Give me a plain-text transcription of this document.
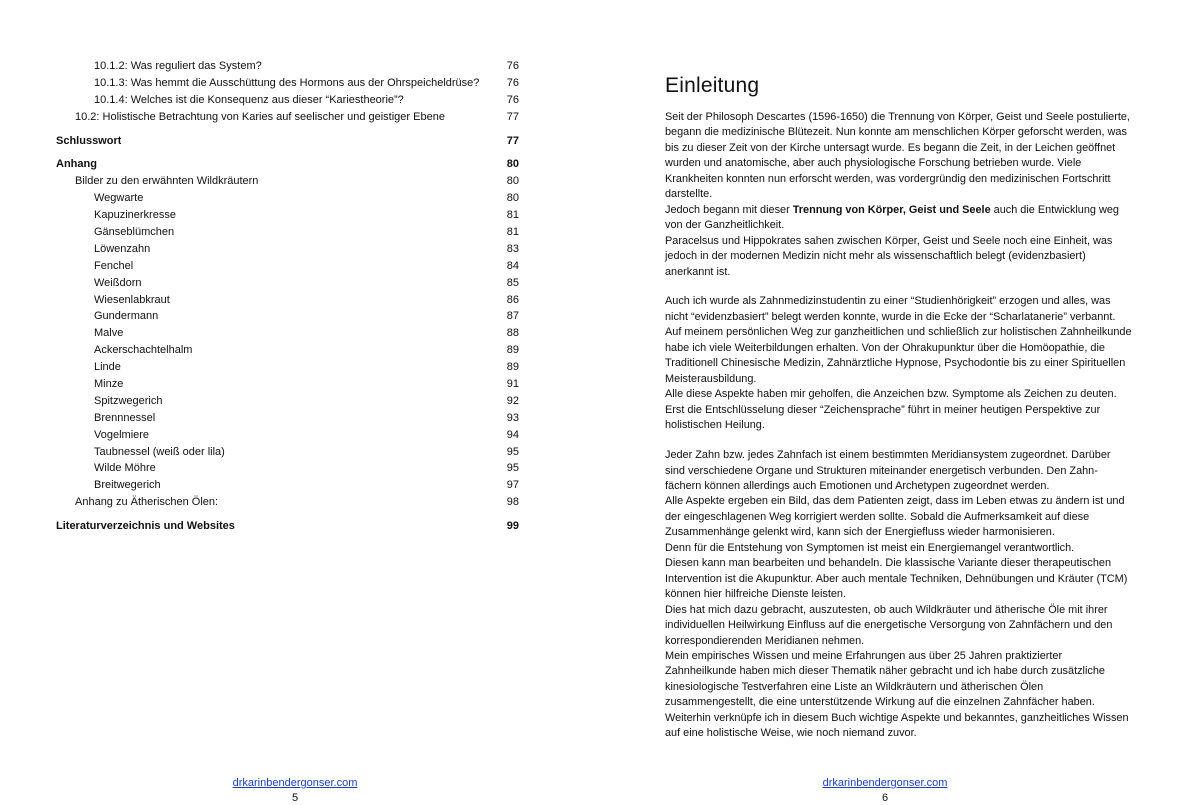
10.1.2: Was reguliert das System?	76
10.1.3: Was hemmt die Ausschüttung des Hormons aus der Ohrspeicheldrüse?	76
10.1.4: Welches ist die Konsequenz aus dieser “Kariestheorie”?	76
10.2: Holistische Betrachtung von Karies auf seelischer und geistiger Ebene	77
Schlusswort	77
Anhang	80
Bilder zu den erwähnten Wildkräutern	80
Wegwarte	80
Kapuzinerkresse	81
Gänseblümchen	81
Löwenzahn	83
Fenchel	84
Weißdorn	85
Wiesenlabkraut	86
Gundermann	87
Malve	88
Ackerschachtelhalm	89
Linde	89
Minze	91
Spitzwegerich	92
Brennnessel	93
Vogelmiere	94
Taubnessel (weiß oder lila)	95
Wilde Möhre	95
Breitwegerich	97
Anhang zu Ätherischen Ölen:	98
Literaturverzeichnis und Websites	99
drkarinbendergonser.com
5
Einleitung

Seit der Philosoph Descartes (1596-1650) die Trennung von Körper, Geist und Seele postulierte, begann die medizinische Blütezeit. Nun konnte am menschlichen Körper geforscht werden, was bis zu dieser Zeit von der Kirche untersagt wurde. Es begann die Zeit, in der Leichen geöffnet wurden und anatomische, aber auch physiologische Forschung betrieben wurde. Viele Krankheiten konnten nun erforscht werden, was vordergründig den medizinischen Fortschritt darstellte.

Jedoch begann mit dieser Trennung von Körper, Geist und Seele auch die Entwicklung weg von der Ganzheitlichkeit.

Paracelsus und Hippokrates sahen zwischen Körper, Geist und Seele noch eine Einheit, was jedoch in der modernen Medizin nicht mehr als wissenschaftlich belegt (evidenzbasiert) anerkannt ist.

Auch ich wurde als Zahnmedizinstudentin zu einer “Studienhörigkeit” erzogen und alles, was nicht “evidenzbasiert” belegt werden konnte, wurde in die Ecke der “Scharlatanerie” verbannt. Auf meinem persönlichen Weg zur ganzheitlichen und schließlich zur holistischen Zahnheilkunde habe ich viele Weiterbildungen erhalten. Von der Ohrakupunktur über die Homöopathie, die Traditionell Chinesische Medizin, Zahnärztliche Hypnose, Psychodontie bis zu einer Spirituellen Meisterausbildung.

Alle diese Aspekte haben mir geholfen, die Anzeichen bzw. Symptome als Zeichen zu deuten. Erst die Entschlüsselung dieser “Zeichensprache” führt in meiner heutigen Perspektive zur holistischen Heilung.

Jeder Zahn bzw. jedes Zahnfach ist einem bestimmten Meridiansystem zugeordnet. Darüber sind verschiedene Organe und Strukturen miteinander energetisch verbunden. Den Zahn-fächern können allerdings auch Emotionen und Archetypen zugeordnet werden.

Alle Aspekte ergeben ein Bild, das dem Patienten zeigt, dass im Leben etwas zu ändern ist und der eingeschlagenen Weg korrigiert werden sollte. Sobald die Aufmerksamkeit auf diese Zusammenhänge gelenkt wird, kann sich der Energiefluss wieder harmonisieren.

Denn für die Entstehung von Symptomen ist meist ein Energiemangel verantwortlich.

Diesen kann man bearbeiten und behandeln. Die klassische Variante dieser therapeutischen Intervention ist die Akupunktur. Aber auch mentale Techniken, Dehnübungen und Kräuter (TCM) können hier hilfreiche Dienste leisten.

Dies hat mich dazu gebracht, auszutesten, ob auch Wildkräuter und ätherische Öle mit ihrer individuellen Heilwirkung Einfluss auf die energetische Versorgung von Zahnfächern und den korrespondierenden Meridianen nehmen.

Mein empirisches Wissen und meine Erfahrungen aus über 25 Jahren praktizierter Zahnheilkunde haben mich dieser Thematik näher gebracht und ich habe durch zusätzliche kinesiologische Testverfahren eine Liste an Wildkräutern und ätherischen Ölen zusammengestellt, die eine unterstützende Wirkung auf die einzelnen Zahnfächer haben.

Weiterhin verknüpfe ich in diesem Buch wichtige Aspekte und bekanntes, ganzheitliches Wissen auf eine holistische Weise, wie noch niemand zuvor.

drkarinbendergonser.com
6
